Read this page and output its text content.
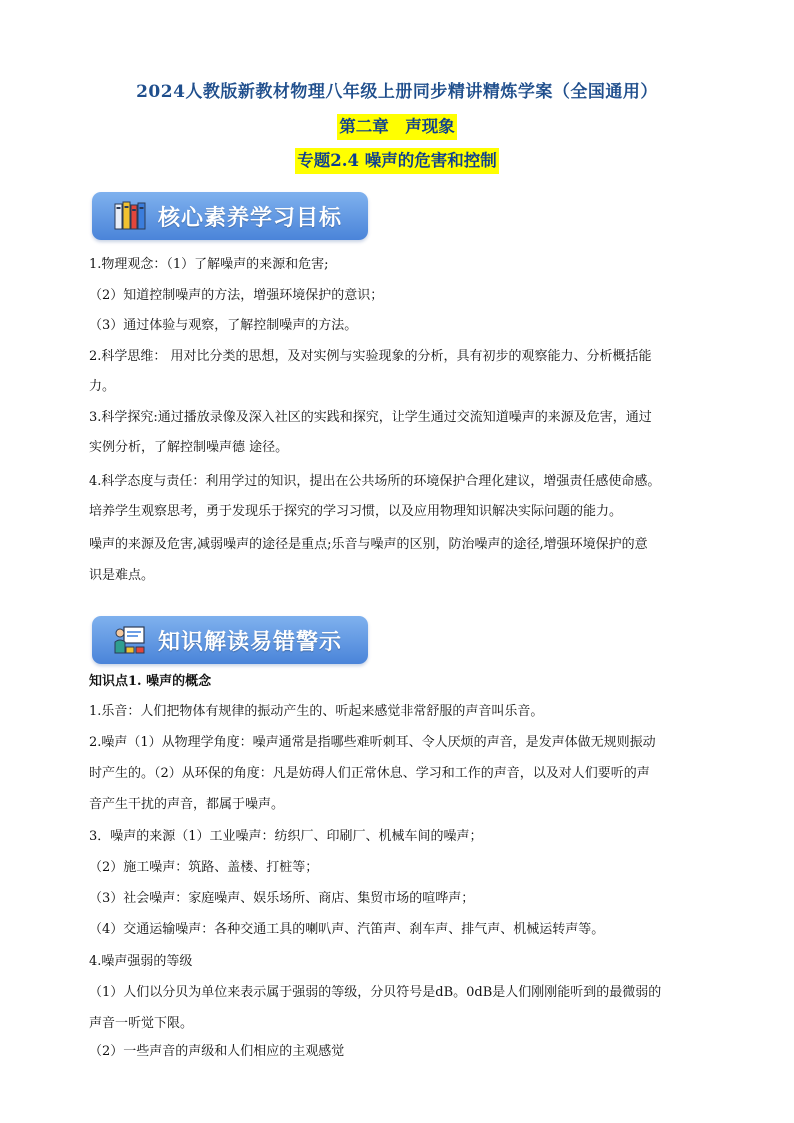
2024人教版新教材物理八年级上册同步精讲精炼学案（全国通用）
第二章　声现象
专题2.4 噪声的危害和控制
核心素养学习目标
1.物理观念：（1）了解噪声的来源和危害;
（2）知道控制噪声的方法，增强环境保护的意识；
（3）通过体验与观察，了解控制噪声的方法。
2.科学思维： 用对比分类的思想，及对实例与实验现象的分析，具有初步的观察能力、分析概括能
力。
3.科学探究:通过播放录像及深入社区的实践和探究，让学生通过交流知道噪声的来源及危害，通过
实例分析，了解控制噪声德 途径。
4.科学态度与责任：利用学过的知识，提出在公共场所的环境保护合理化建议，增强责任感使命感。
培养学生观察思考，勇于发现乐于探究的学习习惯，以及应用物理知识解决实际问题的能力。
噪声的来源及危害,减弱噪声的途径是重点;乐音与噪声的区别，防治噪声的途径,增强环境保护的意
识是难点。
知识解读易错警示
知识点1. 噪声的概念
1.乐音：人们把物体有规律的振动产生的、听起来感觉非常舒服的声音叫乐音。
2.噪声（1）从物理学角度：噪声通常是指哪些难听刺耳、令人厌烦的声音，是发声体做无规则振动
时产生的。（2）从环保的角度：凡是妨碍人们正常休息、学习和工作的声音，以及对人们要听的声
音产生干扰的声音，都属于噪声。
3．噪声的来源（1）工业噪声：纺织厂、印刷厂、机械车间的噪声；
（2）施工噪声：筑路、盖楼、打桩等；
（3）社会噪声：家庭噪声、娱乐场所、商店、集贸市场的喧哗声；
（4）交通运输噪声：各种交通工具的喇叭声、汽笛声、刹车声、排气声、机械运转声等。
4.噪声强弱的等级
（1）人们以分贝为单位来表示属于强弱的等级，分贝符号是dB。0dB是人们刚刚能听到的最微弱的
声音一听觉下限。
（2）一些声音的声级和人们相应的主观感觉
